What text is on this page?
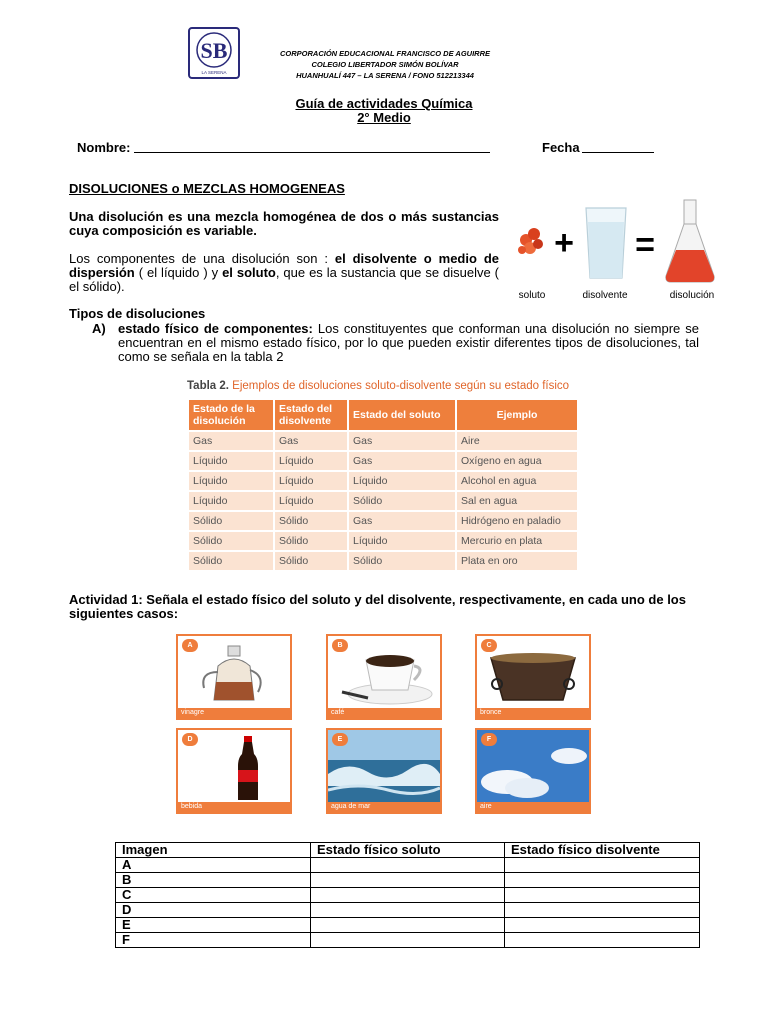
SB
LA SERENA
CORPORACIÓN EDUCACIONAL FRANCISCO DE AGUIRRE
COLEGIO LIBERTADOR SIMÓN BOLÍVAR
HUANHUALÍ 447 – LA SERENA / FONO 512213344
Guía de actividades Química
2° Medio
Nombre:	Fecha
DISOLUCIONES o MEZCLAS HOMOGENEAS
Una disolución es una mezcla homogénea de dos o más sustancias cuya composición es variable.
Los componentes de una disolución son : el disolvente o medio de dispersión ( el líquido ) y el soluto, que es la sustancia que se disuelve ( el sólido).
+ =
soluto	disolvente	disolución
Tipos de disoluciones
A) estado físico de componentes: Los constituyentes que conforman una disolución no siempre se encuentran en el mismo estado físico, por lo que pueden existir diferentes tipos de disoluciones, tal como se señala en la tabla 2
Tabla 2. Ejemplos de disoluciones soluto-disolvente según su estado físico
Estado de la disolución	Estado del disolvente	Estado del soluto	Ejemplo
Gas	Gas	Gas	Aire
Líquido	Líquido	Gas	Oxígeno en agua
Líquido	Líquido	Líquido	Alcohol en agua
Líquido	Líquido	Sólido	Sal en agua
Sólido	Sólido	Gas	Hidrógeno en paladio
Sólido	Sólido	Líquido	Mercurio en plata
Sólido	Sólido	Sólido	Plata en oro
Actividad 1: Señala el estado físico del soluto y del disolvente, respectivamente, en cada uno de los siguientes casos:
vinagre
A
café
B
bronce
C
bebida
D
agua de mar
E
aire
F
Imagen	Estado físico soluto	Estado físico disolvente
A		
B		
C		
D		
E		
F		
